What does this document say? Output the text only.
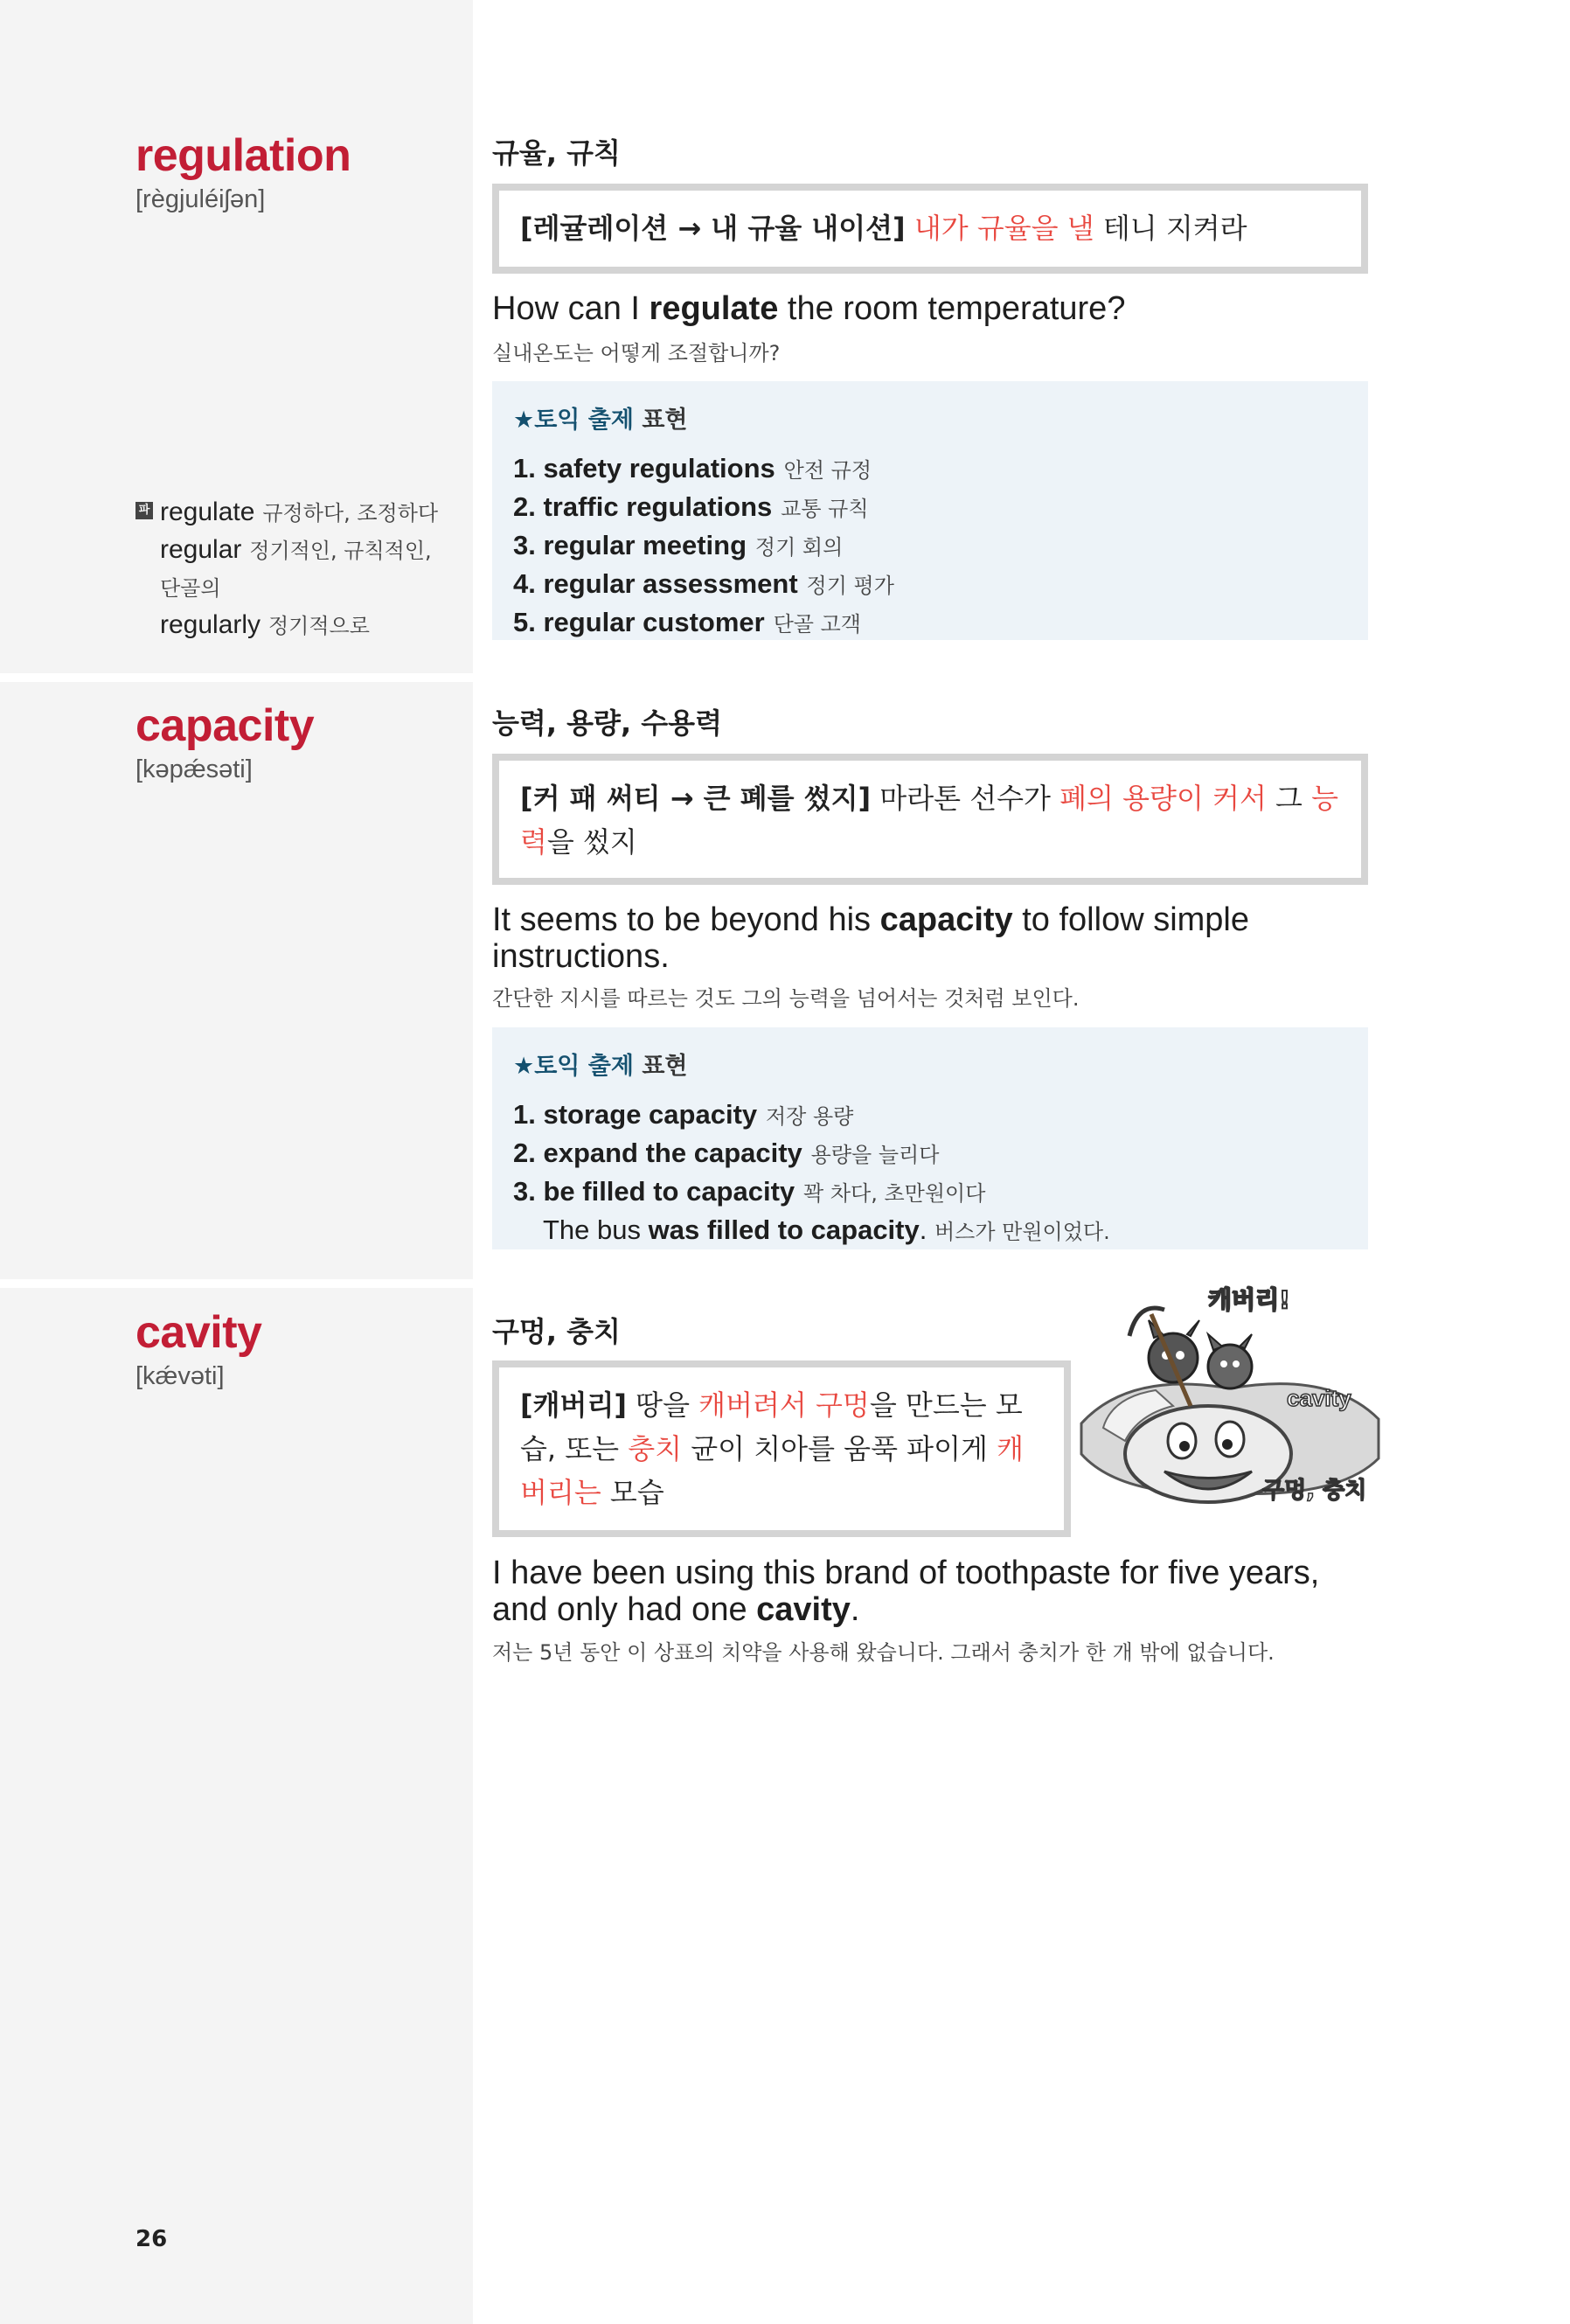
regulation
[règjuléiʃən]
파 regulate 규정하다, 조정하다
regular 정기적인, 규칙적인,
단골의
regularly 정기적으로
규율, 규칙
[레귤레이션 → 내 규율 내이션] 내가 규율을 낼 테니 지켜라
How can I regulate the room temperature?
실내온도는 어떻게 조절합니까?
★토익 출제 표현
1. safety regulations 안전 규정
2. traffic regulations 교통 규칙
3. regular meeting 정기 회의
4. regular assessment 정기 평가
5. regular customer 단골 고객
capacity
[kəpǽsəti]
능력, 용량, 수용력
[커 패 써티 → 큰 폐를 썼지] 마라톤 선수가 폐의 용량이 커서 그 능력을 썼지
It seems to be beyond his capacity to follow simple instructions.
간단한 지시를 따르는 것도 그의 능력을 넘어서는 것처럼 보인다.
★토익 출제 표현
1. storage capacity 저장 용량
2. expand the capacity 용량을 늘리다
3. be filled to capacity 꽉 차다, 초만원이다
The bus was filled to capacity. 버스가 만원이었다.
cavity
[kǽvəti]
구멍, 충치
[캐버리] 땅을 캐버려서 구멍을 만드는 모습, 또는 충치 균이 치아를 움푹 파이게 캐버리는 모습
캐버리!
cavity
구멍, 충치
I have been using this brand of toothpaste for five years, and only had one cavity.
저는 5년 동안 이 상표의 치약을 사용해 왔습니다. 그래서 충치가 한 개 밖에 없습니다.
26
